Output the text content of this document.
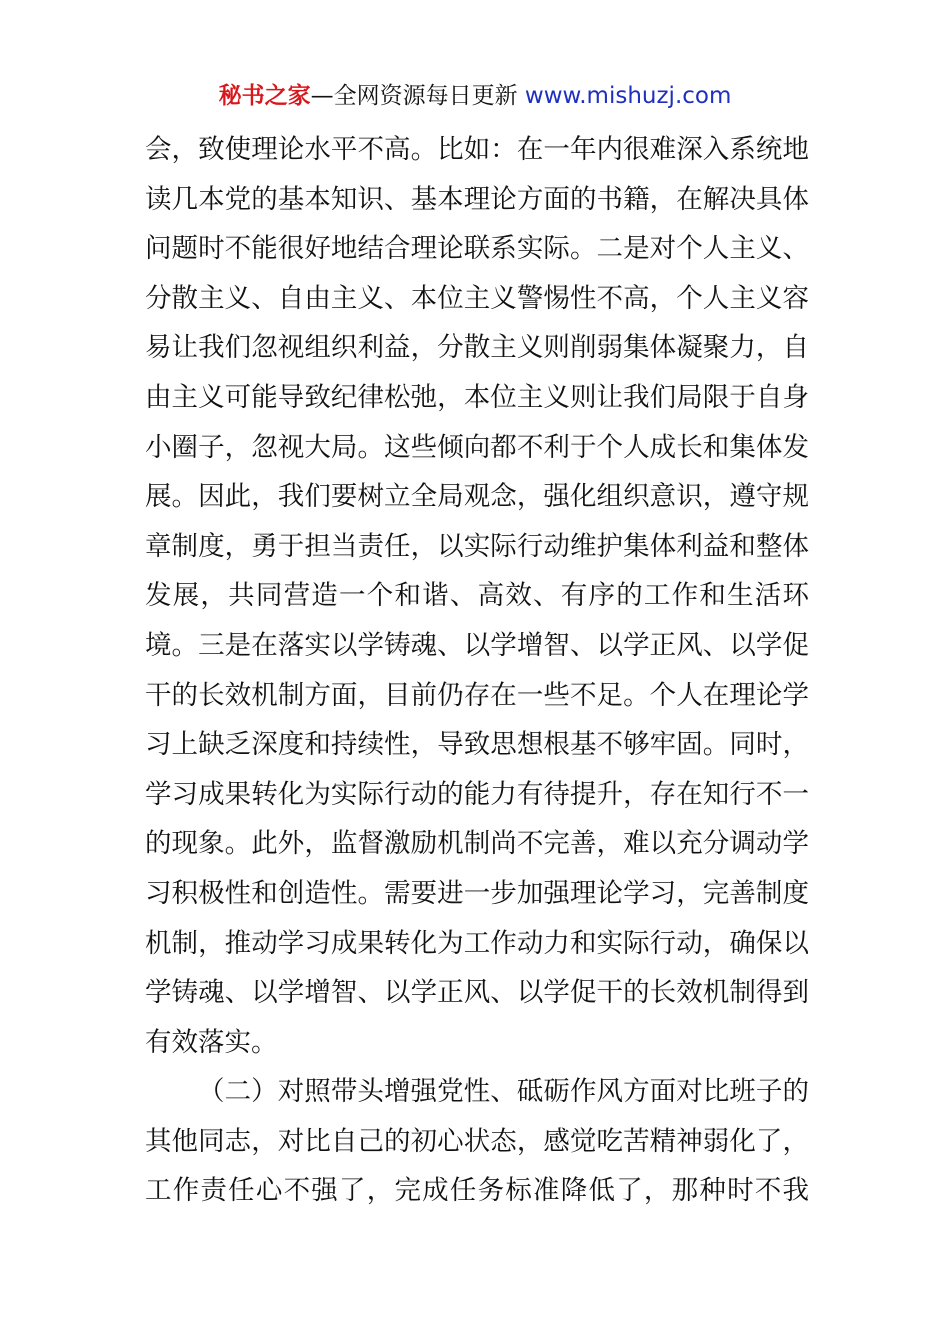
秘书之家—全网资源每日更新 www.mishuzj.com
会，致使理论水平不高。比如：在一年内很难深入系统地
读几本党的基本知识、基本理论方面的书籍，在解决具体
问题时不能很好地结合理论联系实际。二是对个人主义、
分散主义、自由主义、本位主义警惕性不高，个人主义容
易让我们忽视组织利益，分散主义则削弱集体凝聚力，自
由主义可能导致纪律松弛，本位主义则让我们局限于自身
小圈子，忽视大局。这些倾向都不利于个人成长和集体发
展。因此，我们要树立全局观念，强化组织意识，遵守规
章制度，勇于担当责任，以实际行动维护集体利益和整体
发展，共同营造一个和谐、高效、有序的工作和生活环
境。三是在落实以学铸魂、以学增智、以学正风、以学促
干的长效机制方面，目前仍存在一些不足。个人在理论学
习上缺乏深度和持续性，导致思想根基不够牢固。同时，
学习成果转化为实际行动的能力有待提升，存在知行不一
的现象。此外，监督激励机制尚不完善，难以充分调动学
习积极性和创造性。需要进一步加强理论学习，完善制度
机制，推动学习成果转化为工作动力和实际行动，确保以
学铸魂、以学增智、以学正风、以学促干的长效机制得到
有效落实。
（二）对照带头增强党性、砥砺作风方面对比班子的
其他同志，对比自己的初心状态，感觉吃苦精神弱化了，
工作责任心不强了，完成任务标准降低了，那种时不我
